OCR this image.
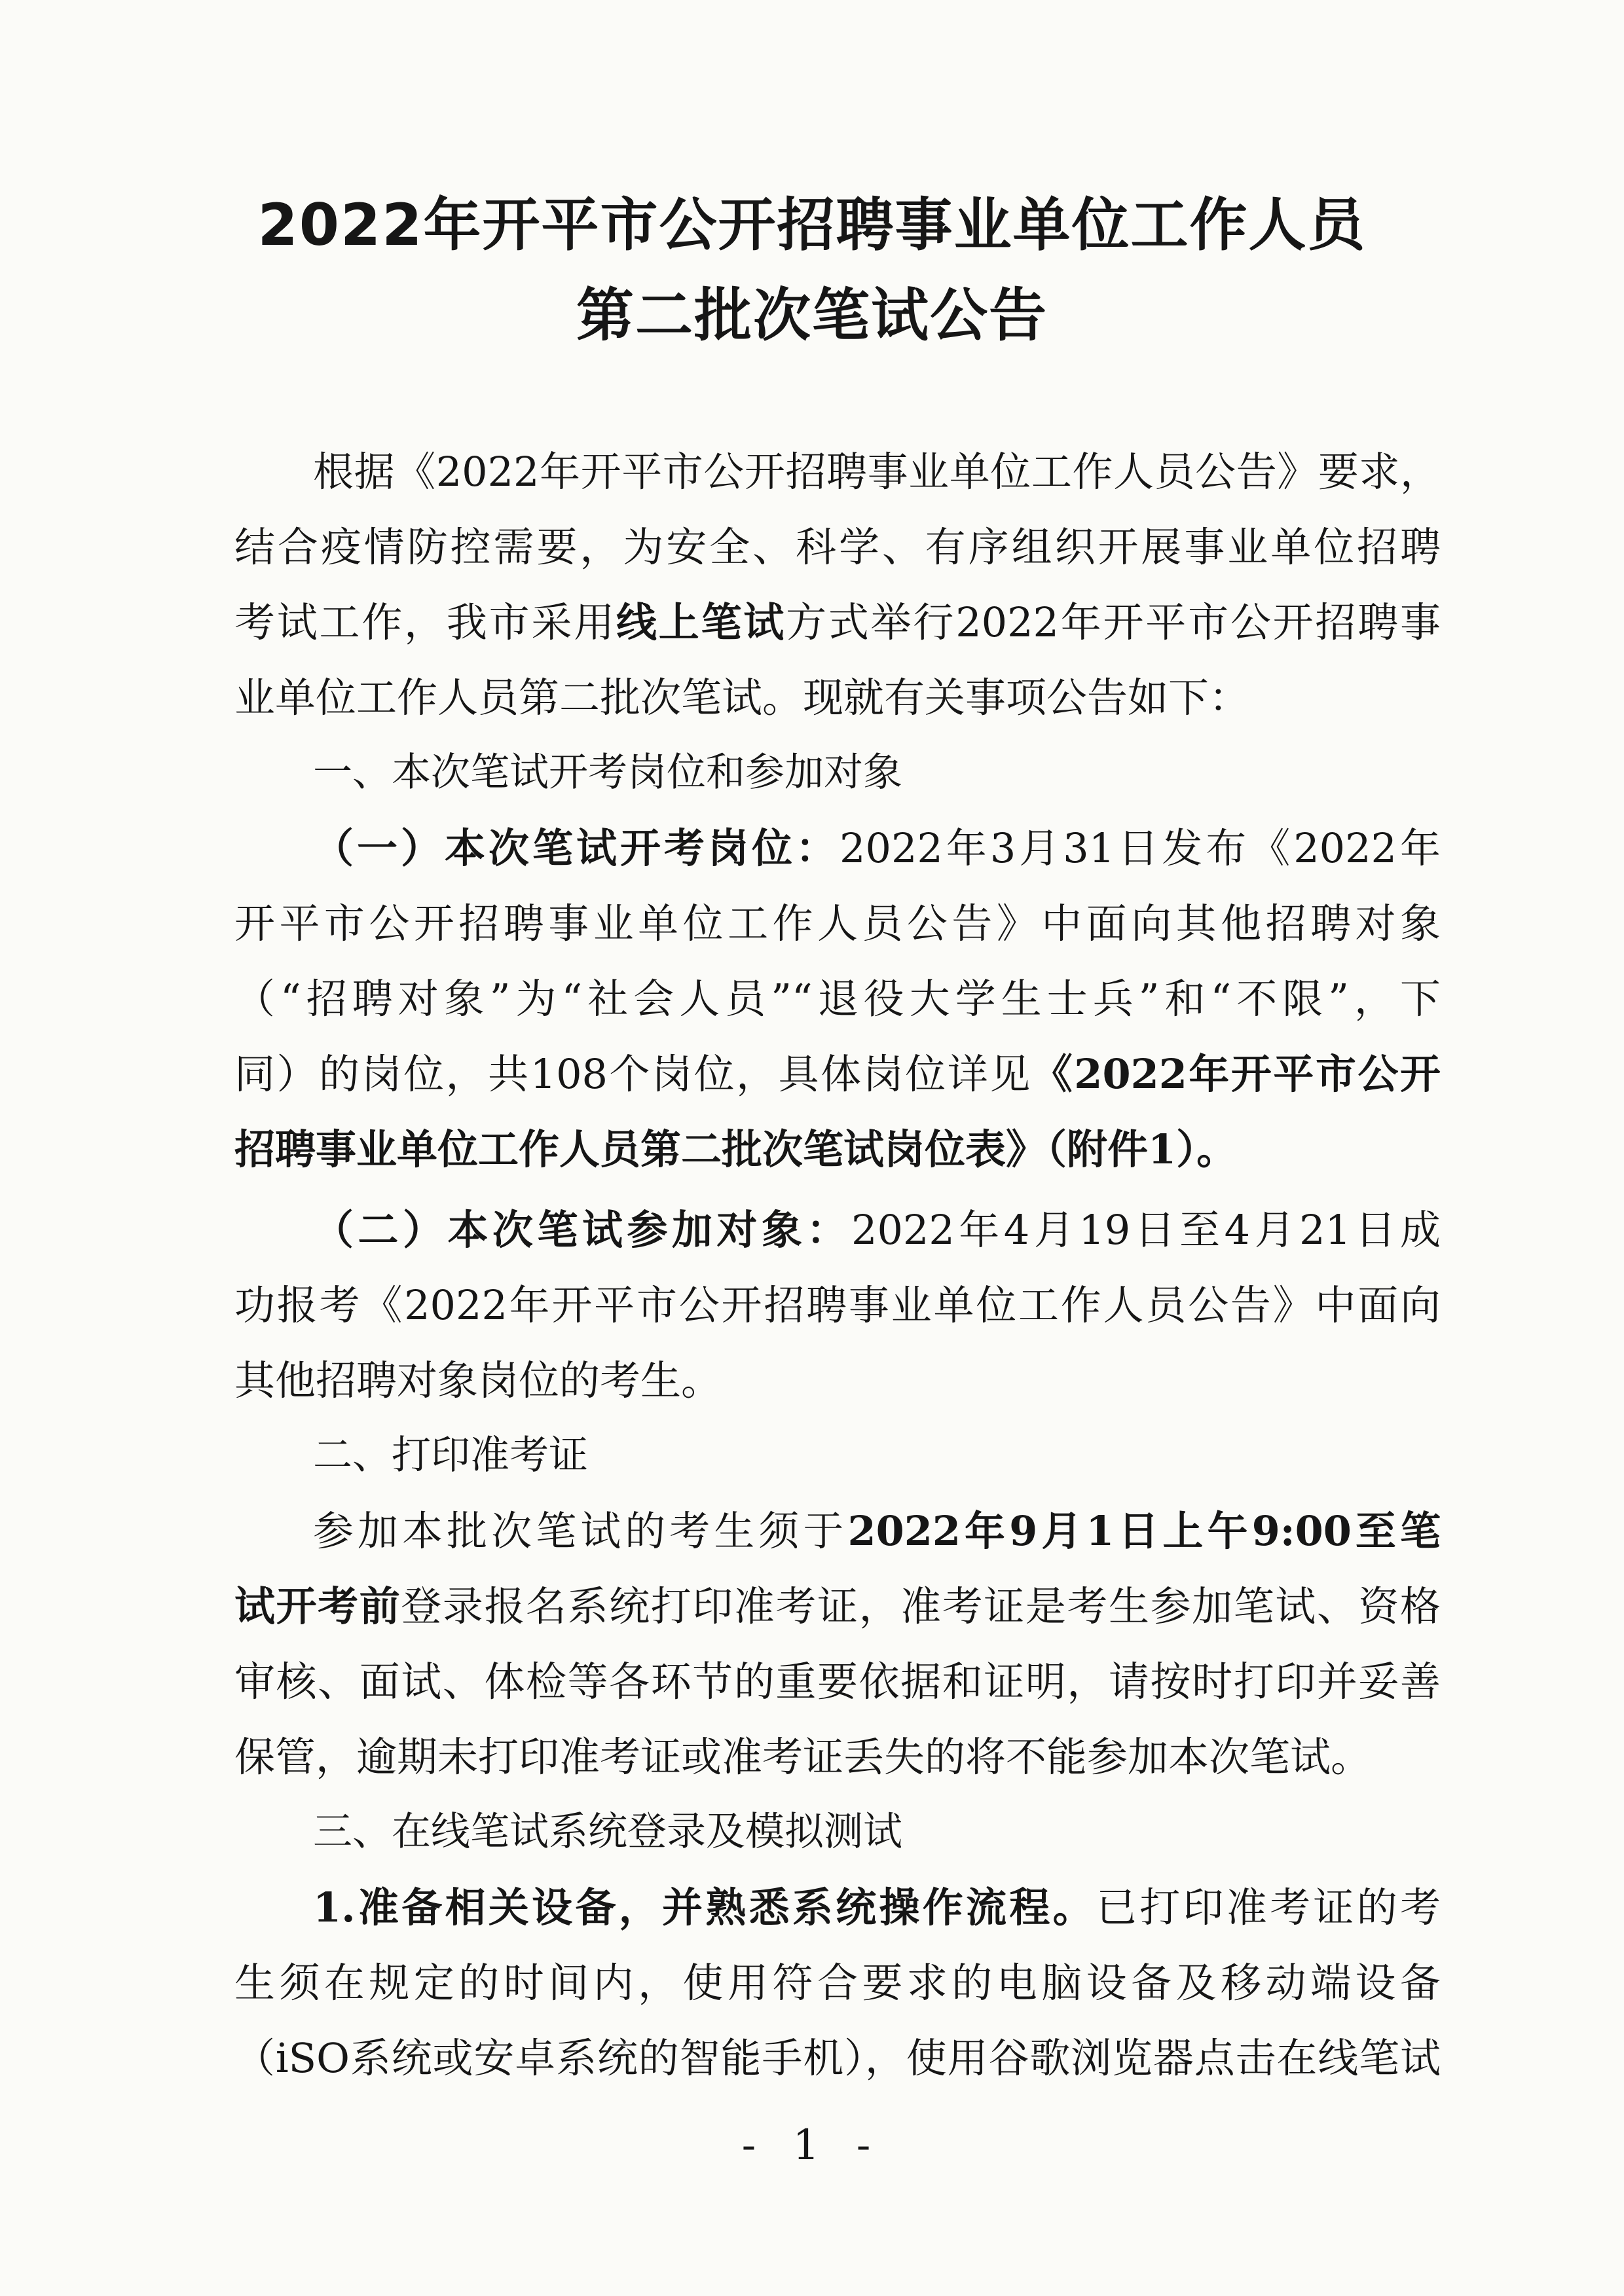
2022年开平市公开招聘事业单位工作人员
第二批次笔试公告
根据《2022年开平市公开招聘事业单位工作人员公告》要求，
结合疫情防控需要，为安全、科学、有序组织开展事业单位招聘
考试工作，我市采用线上笔试方式举行2022年开平市公开招聘事
业单位工作人员第二批次笔试。现就有关事项公告如下：
一、本次笔试开考岗位和参加对象
（一）本次笔试开考岗位：2022年3月31日发布《2022年
开平市公开招聘事业单位工作人员公告》中面向其他招聘对象
（“招聘对象”为“社会人员”“退役大学生士兵”和“不限”，下
同）的岗位，共108个岗位，具体岗位详见《2022年开平市公开
招聘事业单位工作人员第二批次笔试岗位表》（附件1）。
（二）本次笔试参加对象：2022年4月19日至4月21日成
功报考《2022年开平市公开招聘事业单位工作人员公告》中面向
其他招聘对象岗位的考生。
二、打印准考证
参加本批次笔试的考生须于2022年9月1日上午9:00至笔
试开考前登录报名系统打印准考证，准考证是考生参加笔试、资格
审核、面试、体检等各环节的重要依据和证明，请按时打印并妥善
保管，逾期未打印准考证或准考证丢失的将不能参加本次笔试。
三、在线笔试系统登录及模拟测试
1.准备相关设备，并熟悉系统操作流程。已打印准考证的考
生须在规定的时间内，使用符合要求的电脑设备及移动端设备
（iSO系统或安卓系统的智能手机），使用谷歌浏览器点击在线笔试
- 1 -
